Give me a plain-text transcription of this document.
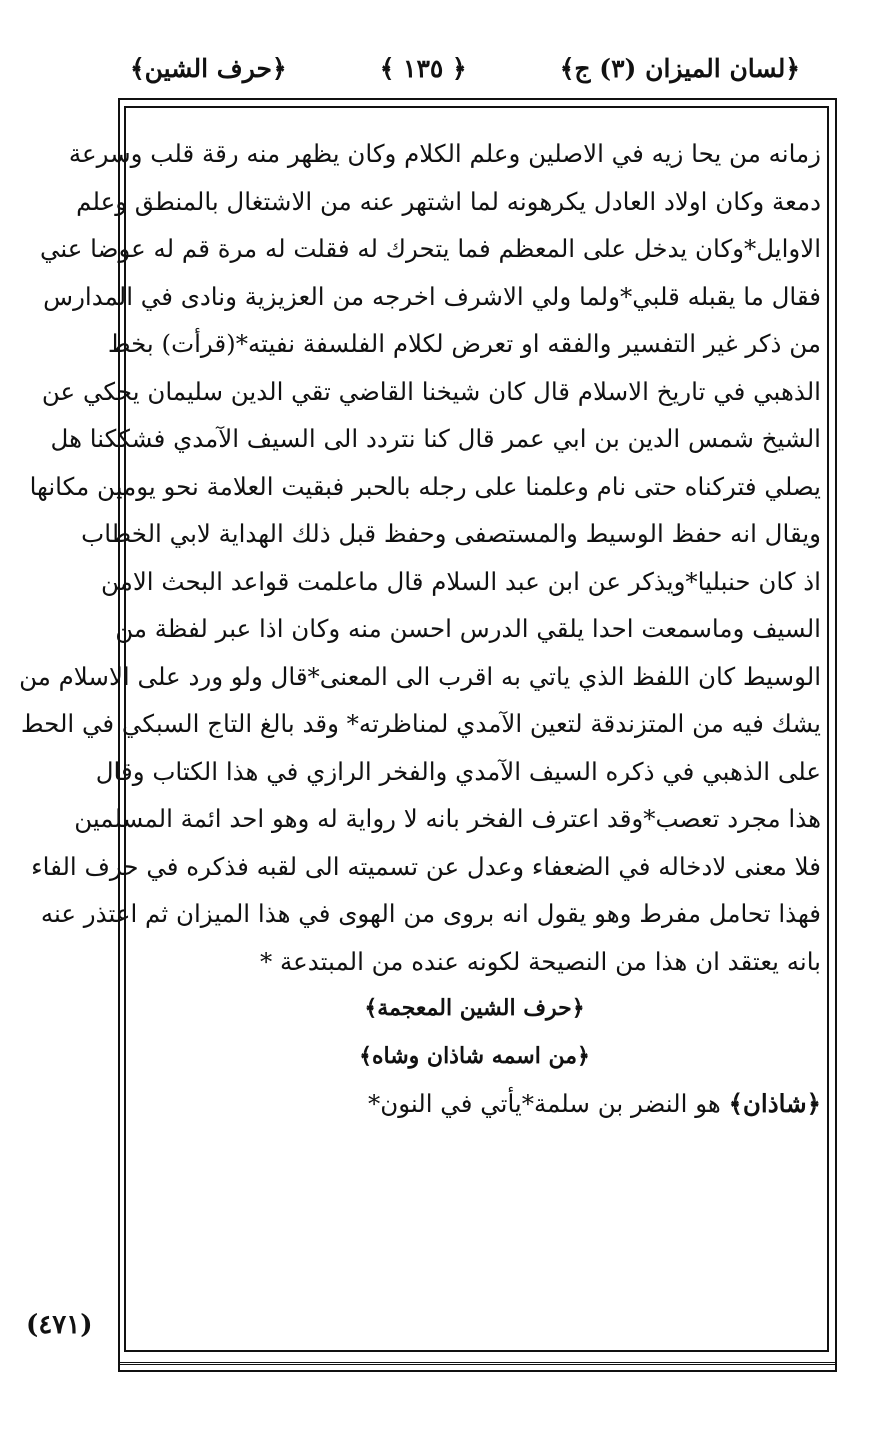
﴿لسان الميزان (٣) ج﴾
﴿ ١٣٥ ﴾
﴿حرف الشين﴾
زمانه من يحا زيه في الاصلين وعلم الكلام وكان يظهر منه رقة قلب وسرعة
دمعة وكان اولاد العادل يكرهونه لما اشتهر عنه من الاشتغال بالمنطق وعلم
الاوايل*وكان يدخل على المعظم فما يتحرك له فقلت له مرة قم له عوضا عني
فقال ما يقبله قلبي*ولما ولي الاشرف اخرجه من العزيزية ونادى في المدارس
من ذكر غير التفسير والفقه او تعرض لكلام الفلسفة نفيته*(قرأت) بخط
الذهبي في تاريخ الاسلام قال كان شيخنا القاضي تقي الدين سليمان يحكي عن
الشيخ شمس الدين بن ابي عمر قال كنا نتردد الى السيف الآمدي فشككنا هل
يصلي فتركناه حتى نام وعلمنا على رجله بالحبر فبقيت العلامة نحو يومين مكانها
ويقال انه حفظ الوسيط والمستصفى وحفظ قبل ذلك الهداية لابي الخطاب
اذ كان حنبليا*ويذكر عن ابن عبد السلام قال ماعلمت قواعد البحث الامن
السيف وماسمعت احدا يلقي الدرس احسن منه وكان اذا عبر لفظة من
الوسيط كان اللفظ الذي ياتي به اقرب الى المعنى*قال ولو ورد على الاسلام من
يشك فيه من المتزندقة لتعين الآمدي لمناظرته* وقد بالغ التاج السبكي في الحط
على الذهبي في ذكره السيف الآمدي والفخر الرازي في هذا الكتاب وقال
هذا مجرد تعصب*وقد اعترف الفخر بانه لا رواية له وهو احد ائمة المسلمين
فلا معنى لادخاله في الضعفاء وعدل عن تسميته الى لقبه فذكره في حرف الفاء
فهذا تحامل مفرط وهو يقول انه بروى من الهوى في هذا الميزان ثم اعتذر عنه
بانه يعتقد ان هذا من النصيحة لكونه عنده من المبتدعة *
﴿حرف الشين المعجمة﴾
﴿من اسمه شاذان وشاه﴾
﴿شاذان﴾ هو النضر بن سلمة*يأتي في النون*
(٤٧١)
